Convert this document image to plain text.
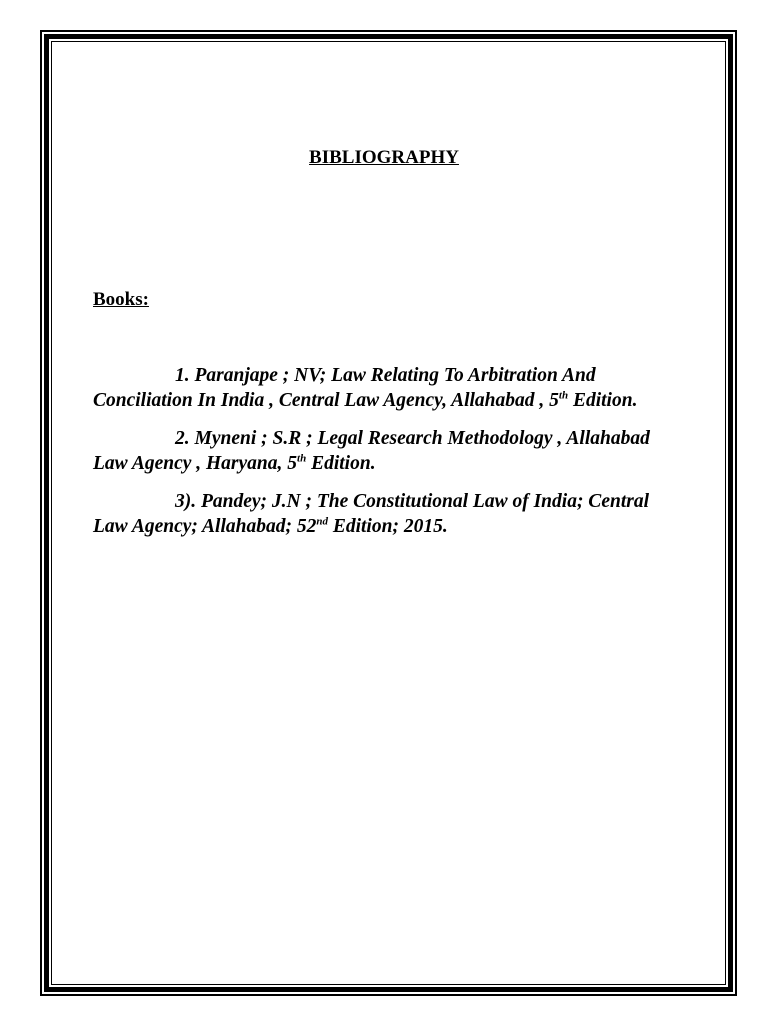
BIBLIOGRAPHY
Books:

1. Paranjape ; NV; Law Relating To Arbitration And Conciliation In India , Central Law Agency, Allahabad , 5th Edition.

2. Myneni ; S.R ; Legal Research Methodology , Allahabad Law Agency , Haryana, 5th Edition.

3). Pandey; J.N ; The Constitutional Law of India; Central Law Agency; Allahabad; 52nd Edition; 2015.
